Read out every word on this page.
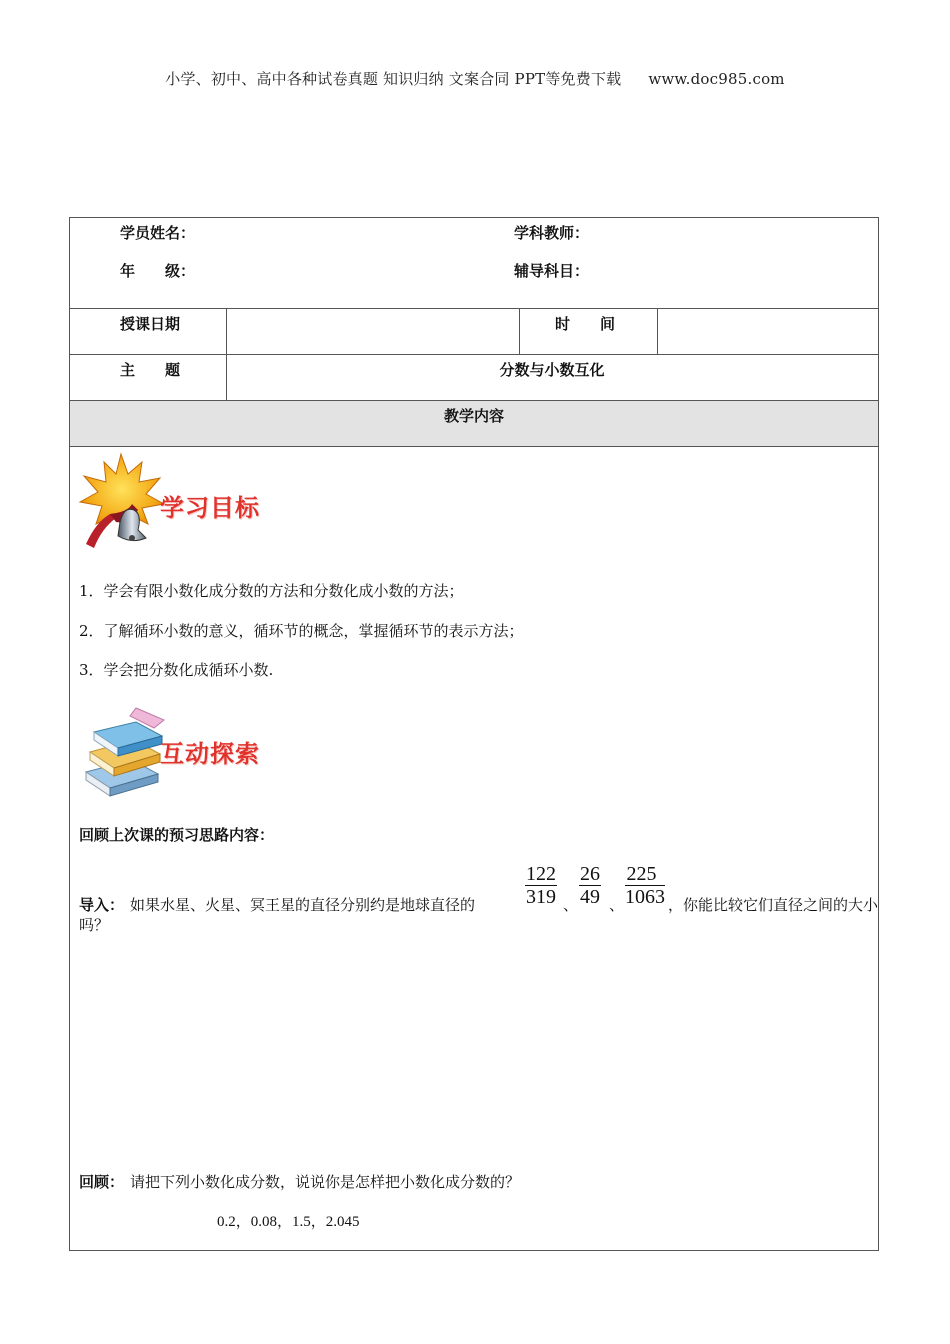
小学、初中、高中各种试卷真题 知识归纳 文案合同 PPT等免费下载 www.doc985.com
学员姓名：	学科教师：
年　　级：	辅导科目：
授课日期	时　　间
主　　题	分数与小数互化
教学内容
学习目标
1．学会有限小数化成分数的方法和分数化成小数的方法；
2．了解循环小数的意义，循环节的概念，掌握循环节的表示方法；
3．学会把分数化成循环小数.
互动探索
回顾上次课的预习思路内容：
导入： 如果水星、火星、冥王星的直径分别约是地球直径的 $\frac{122}{319}$ 、 $\frac{26}{49}$ 、 $\frac{225}{1063}$ ，你能比较它们直径之间的大小
吗？
回顾： 请把下列小数化成分数，说说你是怎样把小数化成分数的？
0.2，0.08，1.5，2.045
